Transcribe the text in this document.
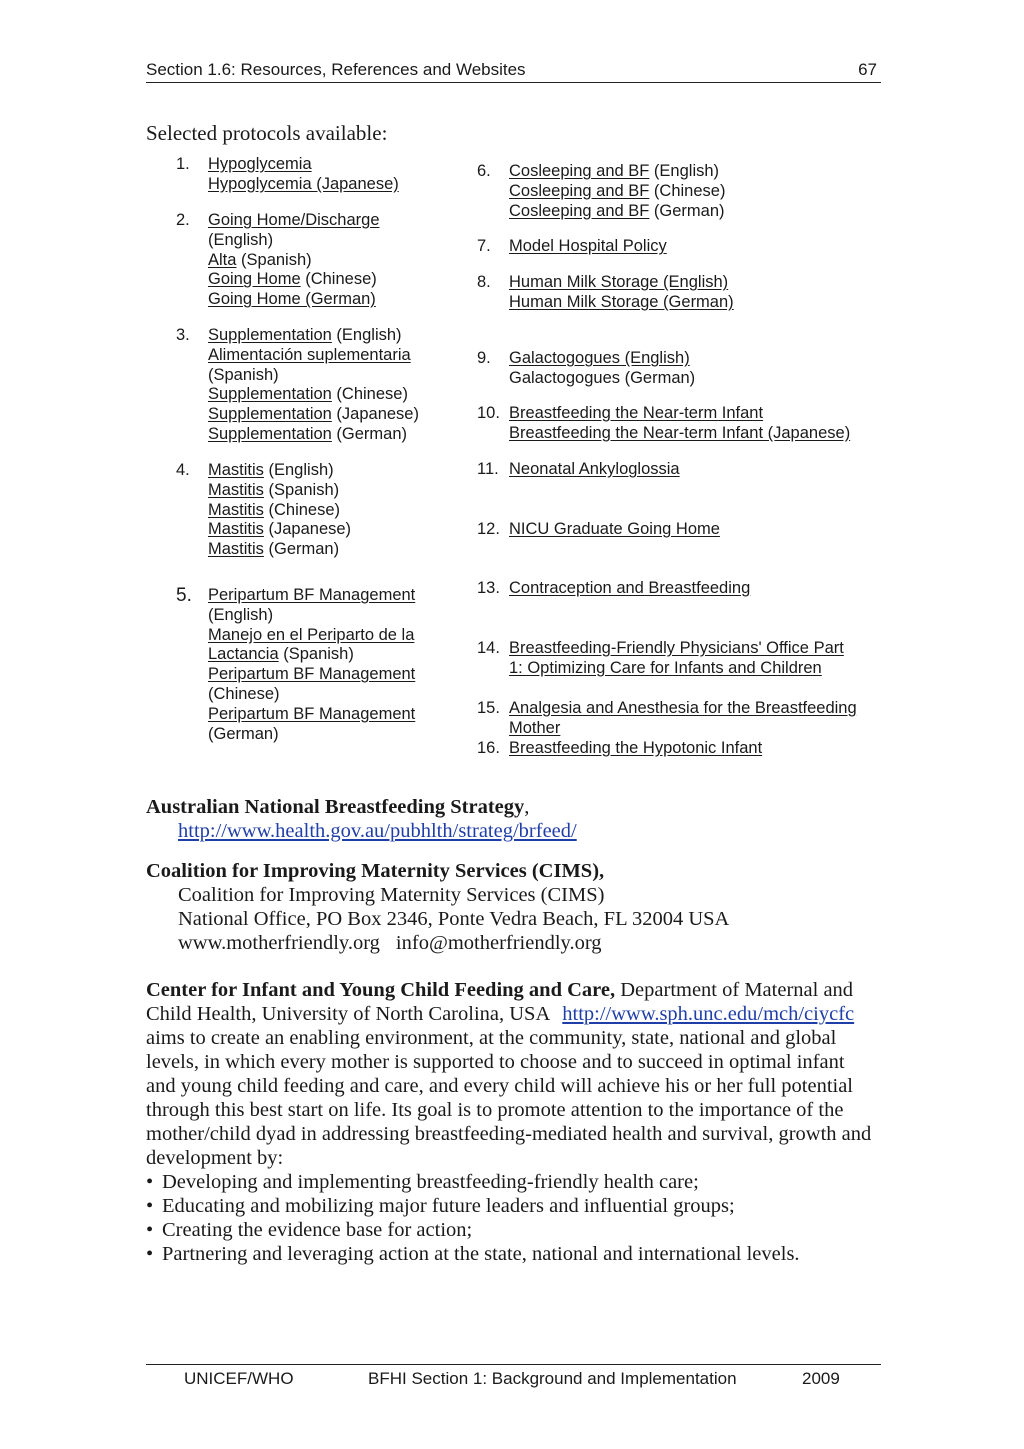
Section 1.6: Resources, References and Websites	67
Selected protocols available:
1. Hypoglycemia
Hypoglycemia (Japanese)
2. Going Home/Discharge
(English)
Alta (Spanish)
Going Home (Chinese)
Going Home (German)
3. Supplementation (English)
Alimentación suplementaria
(Spanish)
Supplementation (Chinese)
Supplementation (Japanese)
Supplementation (German)
4. Mastitis (English)
Mastitis (Spanish)
Mastitis (Chinese)
Mastitis (Japanese)
Mastitis (German)
5. Peripartum BF Management
(English)
Manejo en el Periparto de la
Lactancia (Spanish)
Peripartum BF Management
(Chinese)
Peripartum BF Management
(German)
6. Cosleeping and BF (English)
Cosleeping and BF (Chinese)
Cosleeping and BF (German)
7. Model Hospital Policy
8. Human Milk Storage (English)
Human Milk Storage (German)
9. Galactogogues (English)
Galactogogues (German)
10. Breastfeeding the Near-term Infant
Breastfeeding the Near-term Infant (Japanese)
11. Neonatal Ankyloglossia
12. NICU Graduate Going Home
13. Contraception and Breastfeeding
14. Breastfeeding-Friendly Physicians' Office Part
1: Optimizing Care for Infants and Children
15. Analgesia and Anesthesia for the Breastfeeding
Mother
16. Breastfeeding the Hypotonic Infant
Australian National Breastfeeding Strategy,
http://www.health.gov.au/pubhlth/strateg/brfeed/
Coalition for Improving Maternity Services (CIMS),
Coalition for Improving Maternity Services (CIMS)
National Office, PO Box 2346, Ponte Vedra Beach, FL 32004 USA
www.motherfriendly.org info@motherfriendly.org
Center for Infant and Young Child Feeding and Care, Department of Maternal and
Child Health, University of North Carolina, USA http://www.sph.unc.edu/mch/ciycfc
aims to create an enabling environment, at the community, state, national and global
levels, in which every mother is supported to choose and to succeed in optimal infant
and young child feeding and care, and every child will achieve his or her full potential
through this best start on life. Its goal is to promote attention to the importance of the
mother/child dyad in addressing breastfeeding-mediated health and survival, growth and
development by:
• Developing and implementing breastfeeding-friendly health care;
• Educating and mobilizing major future leaders and influential groups;
• Creating the evidence base for action;
• Partnering and leveraging action at the state, national and international levels.
UNICEF/WHO	BFHI Section 1: Background and Implementation	2009
